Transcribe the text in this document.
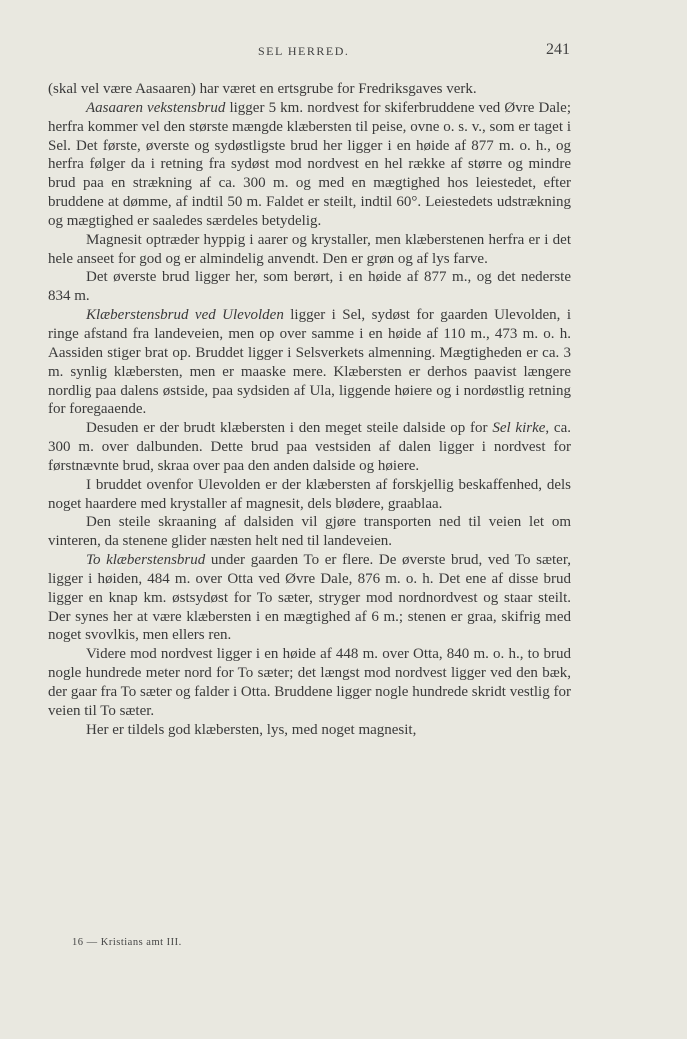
SEL HERRED.	241

(skal vel være Aasaaren) har været en ertsgrube for Fredriksgaves verk.

Aasaaren vekstensbrud ligger 5 km. nordvest for skiferbruddene ved Øvre Dale; herfra kommer vel den største mængde klæbersten til peise, ovne o. s. v., som er taget i Sel. Det første, øverste og sydøstligste brud her ligger i en høide af 877 m. o. h., og herfra følger da i retning fra sydøst mod nordvest en hel række af større og mindre brud paa en strækning af ca. 300 m. og med en mægtighed hos leiestedet, efter bruddene at dømme, af indtil 50 m. Faldet er steilt, indtil 60°. Leiestedets udstrækning og mægtighed er saaledes særdeles betydelig.

Magnesit optræder hyppig i aarer og krystaller, men klæberstenen herfra er i det hele anseet for god og er almindelig anvendt. Den er grøn og af lys farve.

Det øverste brud ligger her, som berørt, i en høide af 877 m., og det nederste 834 m.

Klæberstensbrud ved Ulevolden ligger i Sel, sydøst for gaarden Ulevolden, i ringe afstand fra landeveien, men op over samme i en høide af 110 m., 473 m. o. h. Aassiden stiger brat op. Bruddet ligger i Selsverkets almenning. Mægtigheden er ca. 3 m. synlig klæbersten, men er maaske mere. Klæbersten er derhos paavist længere nordlig paa dalens østside, paa sydsiden af Ula, liggende høiere og i nordøstlig retning for foregaaende.

Desuden er der brudt klæbersten i den meget steile dalside op for Sel kirke, ca. 300 m. over dalbunden. Dette brud paa vestsiden af dalen ligger i nordvest for førstnævnte brud, skraa over paa den anden dalside og høiere.

I bruddet ovenfor Ulevolden er der klæbersten af forskjellig beskaffenhed, dels noget haardere med krystaller af magnesit, dels blødere, graablaa.

Den steile skraaning af dalsiden vil gjøre transporten ned til veien let om vinteren, da stenene glider næsten helt ned til landeveien.

To klæberstensbrud under gaarden To er flere. De øverste brud, ved To sæter, ligger i høiden, 484 m. over Otta ved Øvre Dale, 876 m. o. h. Det ene af disse brud ligger en knap km. østsydøst for To sæter, stryger mod nordnordvest og staar steilt. Der synes her at være klæbersten i en mægtighed af 6 m.; stenen er graa, skifrig med noget svovlkis, men ellers ren.

Videre mod nordvest ligger i en høide af 448 m. over Otta, 840 m. o. h., to brud nogle hundrede meter nord for To sæter; det længst mod nordvest ligger ved den bæk, der gaar fra To sæter og falder i Otta. Bruddene ligger nogle hundrede skridt vestlig for veien til To sæter.

Her er tildels god klæbersten, lys, med noget magnesit,

16 — Kristians amt III.
